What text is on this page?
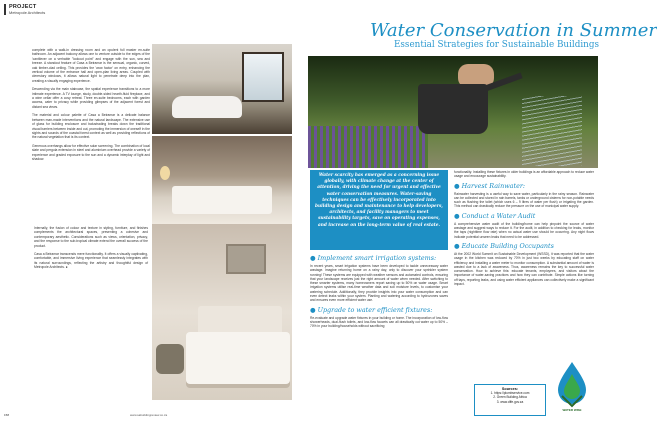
PROJECT
Metropole Architects

complete with a walk-in dressing room and an opulent full master en-suite bathroom. An adjacent balcony allows one to venture outside to the edges of the 'cantilever on a verhable "lookout point" and engage with the sun, sea and breeze. A standout feature of Casa a Beiramar is the sensual, organic, curved, oak timber-clad ceiling. This provides the 'wow factor' on entry, enhancing the vertical volume of the entrance hall and open-plan living areas. Coupled with clerestory windows, it allows natural light to penetrate deep into the plan, creating a visually engaging experience.

Descending via the main staircase, the spatial experience transitions to a more intimate experience. A TV lounge, study, double-sided hearth-fluid fireplace, and a wine cellar offer a cosy retreat. Three en-suite bedrooms, each with garden access, cater to privacy while providing glimpses of the adjacent forest and distant sea views.

The material and colour palette of Casa a Beiramar is a delicate balance between man-made interventions and the natural landscape. The extensive use of glass for building enclosure and balustrading breaks down the traditional visual barriers between inside and out, promoting the immersion of oneself in the sights and sounds of the coastal forest context as well as providing reflections of the natural vegetation that is its context.

Generous overhangs allow for effective solar screening. The combination of local slate and pergola extension in steel and aluminium overhead provide a variety of experience and graded exposure to the sun and a dynamic interplay of light and shadow.

Internally, the fusion of colour and texture in styling, furniture, and finishes complements the architectural spaces, presenting a cohesive and contemporary aesthetic. Considerations such as views, orientation, privacy, and the response to the sub-tropical climate extend the overall success of the product.

Casa a Beiramar transcends mere functionality. It offers a visually captivating, comfortable, and immersive living experience that seamlessly integrates with its natural surroundings, reflecting the artistry and thoughtful design of Metropole Architects. ●

158	www.sabuildingreview.co.za
Water Conservation in Summer
Essential Strategies for Sustainable Buildings
Water scarcity has emerged as a concerning issue globally, with climate change at the center of attention, driving the need for urgent and effective water conservation measures. Water-saving techniques can be effectively incorporated into building design and maintenance to help developers, architects, and facility managers to meet sustainability targets, save on operating expenses, and increase on the long-term value of real estate.
● Implement smart irrigation systems:
In recent years, smart irrigation systems have been developed to tackle unnecessary water wastage. Imagine returning home on a rainy day, only to discover your sprinkler system running! These systems are equipped with weather sensors and automated controls, ensuring that your landscape receives just the right amount of water when needed. After switching to these smarter systems, many homeowners report saving up to 50% on water usage. Smart irrigation systems utilise real-time weather data and soil moisture levels, to customise your watering schedule. Additionally, they provide insights into your water consumption and can even detect leaks within your system. Planting and watering according to hydrozones saves and ensures even more efficient water use.
● Upgrade to water efficient fixtures:
Re-evaluate and upgrade water fixtures in your building or home. The incorporation of low-flow showerheads, dual-flush toilets, and low-flow faucets can all drastically cut water up to 50% – 70% in your building/households without sacrificing
functionality. Installing these fixtures in older buildings is an affordable approach to reduce water usage and encourage sustainability.
● Harvest Rainwater:
Rainwater harvesting is a useful way to save water, particularly in the rainy season. Rainwater can be collected and stored in rain barrels, tanks or underground cisterns for non-potable needs such as flushing the toilet (which uses 6 – 9 litres of water per flush) or irrigating the garden. This method can drastically reduce the pressure on the use of municipal water supply.
● Conduct a Water Audit
A comprehensive water audit of the building/home can help pinpoint the source of water wastage and suggest ways to reduce it. For the audit, in addition to checking for leaks, monitor the taps (nighttime flow rate) when no actual water use should be occurring. Any night flows indicate potential unseen leaks that need to be addressed.
● Educate Building Occupants
At the 2002 World Summit on Sustainable Development (WSSD), it was reported that the water usage in the kitchen was reduced by 70% in just two weeks by educating staff on water efficiency and installing a water meter to monitor consumption. A substantial amount of water is wasted due to a lack of awareness. Thus, awareness remains the key to successful water conservation. How to achieve this: educate tenants, employees, and visitors about the importance of water-saving practices and how they can contribute. Simple actions like turning off taps, reporting leaks, and using water efficient appliances can collectively make a significant impact.
Sources:
1. https://plumbservice.com
2. Green Building Africa
3. www.dffe.gov.za
WATER WISE
